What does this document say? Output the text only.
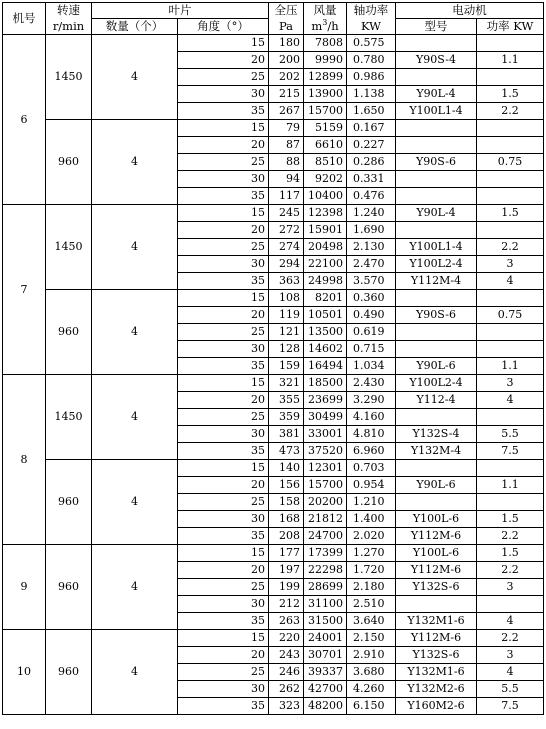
机号	转速	叶片		全压	风量	轴功率	电动机	
	r/min	数量（个）	角度（°）	Pa	$m^3/h$	KW	型号	功率 KW
6	1450	4	15	180	7808	0.575		
			20	200	9990	0.780	Y90S-4	1.1
			25	202	12899	0.986		
			30	215	13900	1.138	Y90L-4	1.5
			35	267	15700	1.650	Y100L1-4	2.2
	960	4	15	79	5159	0.167		
			20	87	6610	0.227		
			25	88	8510	0.286	Y90S-6	0.75
			30	94	9202	0.331		
			35	117	10400	0.476		
7	1450	4	15	245	12398	1.240	Y90L-4	1.5
			20	272	15901	1.690		
			25	274	20498	2.130	Y100L1-4	2.2
			30	294	22100	2.470	Y100L2-4	3
			35	363	24998	3.570	Y112M-4	4
	960	4	15	108	8201	0.360		
			20	119	10501	0.490	Y90S-6	0.75
			25	121	13500	0.619		
			30	128	14602	0.715		
			35	159	16494	1.034	Y90L-6	1.1
8	1450	4	15	321	18500	2.430	Y100L2-4	3
			20	355	23699	3.290	Y112-4	4
			25	359	30499	4.160		
			30	381	33001	4.810	Y132S-4	5.5
			35	473	37520	6.960	Y132M-4	7.5
	960	4	15	140	12301	0.703		
			20	156	15700	0.954	Y90L-6	1.1
			25	158	20200	1.210		
			30	168	21812	1.400	Y100L-6	1.5
			35	208	24700	2.020	Y112M-6	2.2
9	960	4	15	177	17399	1.270	Y100L-6	1.5
			20	197	22298	1.720	Y112M-6	2.2
			25	199	28699	2.180	Y132S-6	3
			30	212	31100	2.510		
			35	263	31500	3.640	Y132M1-6	4
10	960	4	15	220	24001	2.150	Y112M-6	2.2
			20	243	30701	2.910	Y132S-6	3
			25	246	39337	3.680	Y132M1-6	4
			30	262	42700	4.260	Y132M2-6	5.5
			35	323	48200	6.150	Y160M2-6	7.5
